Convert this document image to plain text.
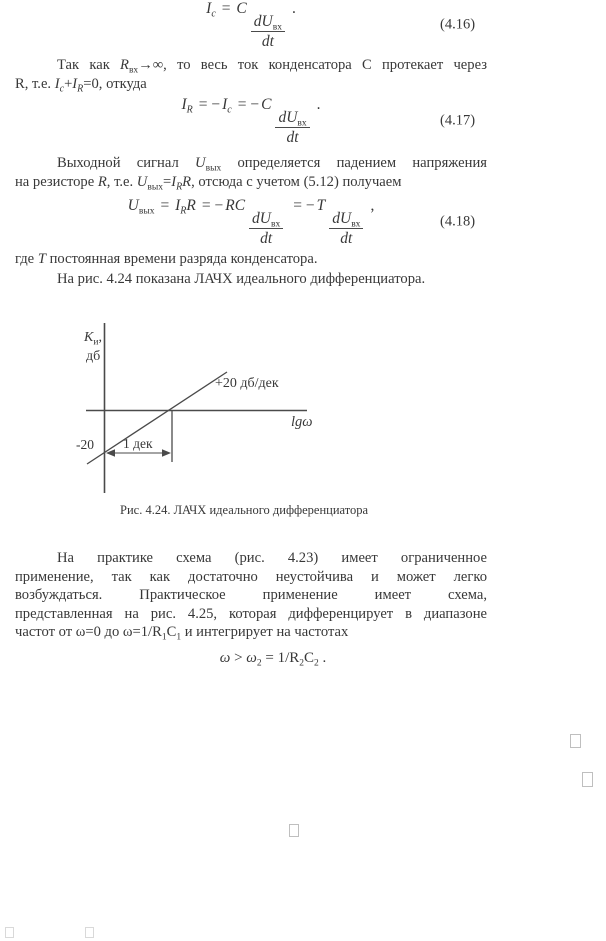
$I_c = C$
$\frac{dU_{вх}}{dt}$
.
(4.16)
Так как $R_{вх}\to\infty$, то весь ток конденсатора С протекает через
R, т.е. $I_c+I_R=0$, откуда
$I_R$ = − $I_c$ = − C
$\frac{dU_{вх}}{dt}$
.
(4.17)
Выходной сигнал $U_{вых}$ определяется падением напряжения
на резисторе R, т.е. $U_{вых}=I_RR$, отсюда с учетом (5.12) получаем
$U_{вых} = I_RR$ = − RC
$\frac{dU_{вх}}{dt}$
= − T
$\frac{dU_{вх}}{dt}$
,
(4.18)
где T постоянная времени разряда конденсатора.
На рис. 4.24 показана ЛАЧХ идеального дифференциатора.
$K_и$,
дб
+20 дб/дек
lgω
-20 1 дек
Рис. 4.24. ЛАЧХ идеального дифференциатора
На практике схема (рис. 4.23) имеет ограниченное
применение, так как достаточно неустойчива и может легко
возбуждаться. Практическое применение имеет схема,
представленная на рис. 4.25, которая дифференцирует в диапазоне
частот от ω=0 до $\omega=1/R_1C_1$ и интегрирует на частотах
$\omega > \omega_2 = 1/R_2C_2$ .
